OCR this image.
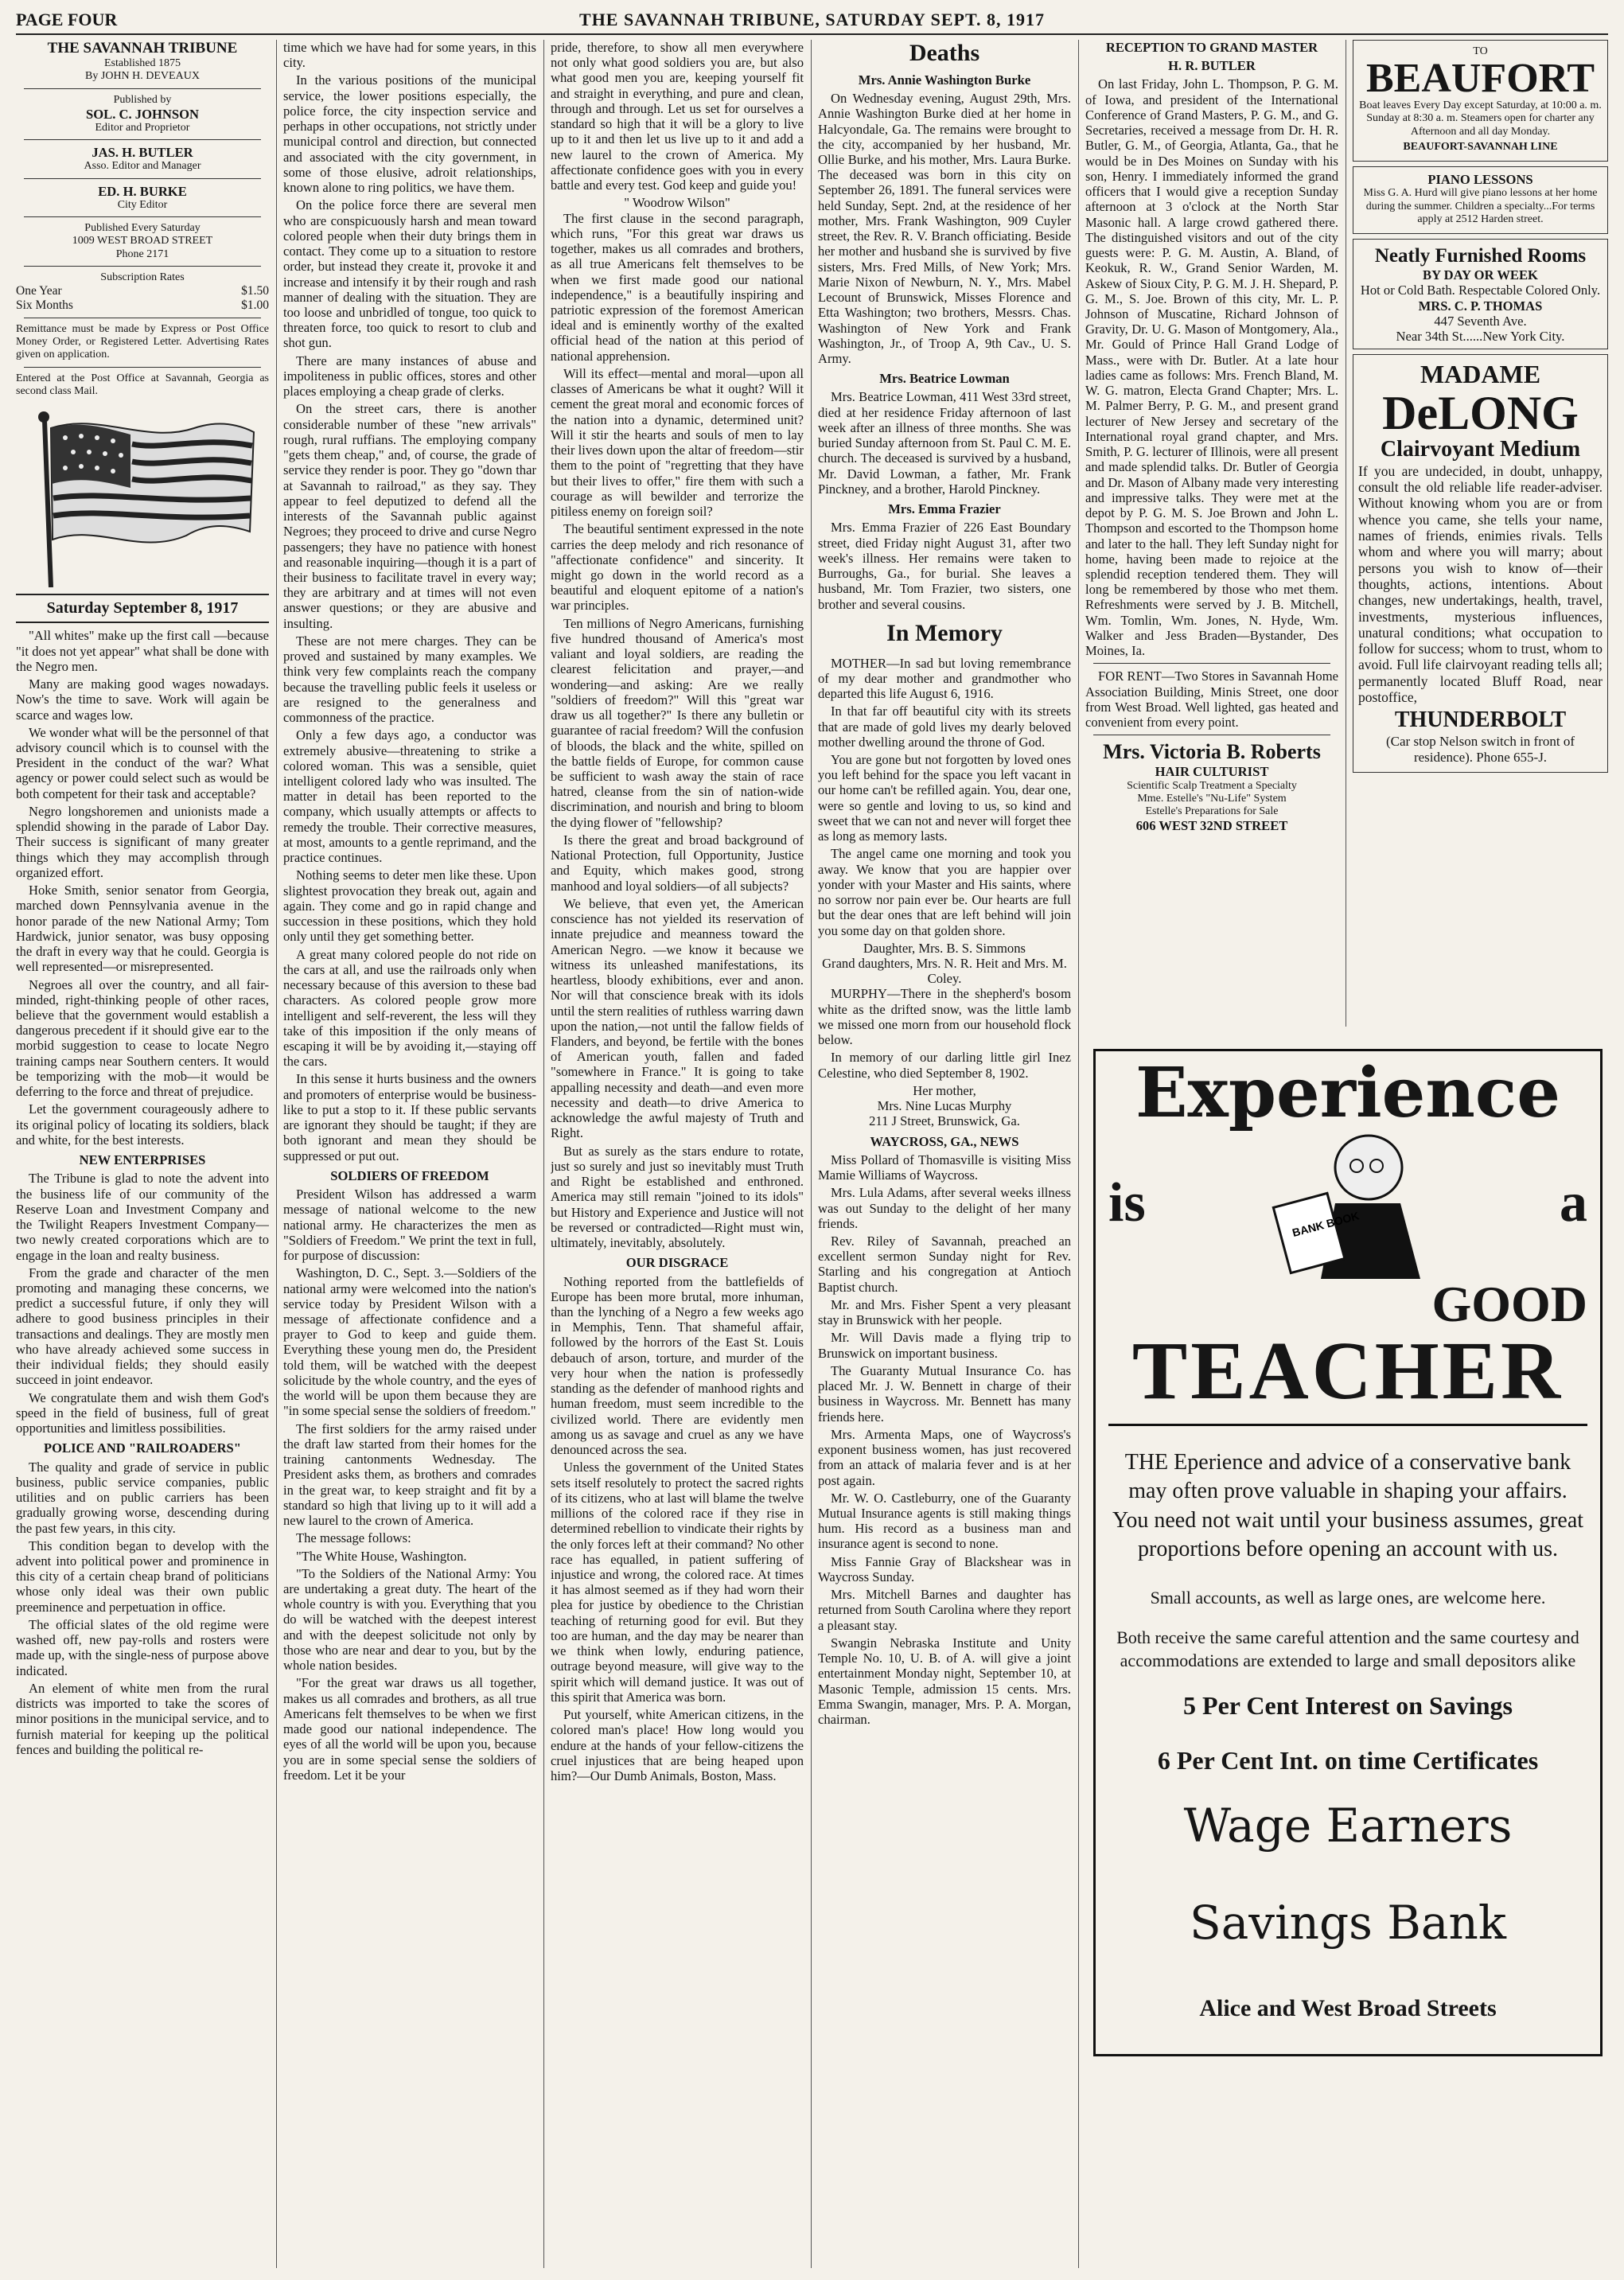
THE SAVANNAH TRIBUNE, SATURDAY SEPT. 8, 1917
PAGE FOUR
THE SAVANNAH TRIBUNE
Established 1875
By JOHN H. DEVEAUX
Published by
SOL. C. JOHNSON
Editor and Proprietor
JAS. H. BUTLER
Asso. Editor and Manager
ED. H. BURKE
City Editor
Published Every Saturday
1009 WEST BROAD STREET
Phone 2171
Subscription Rates
One Year	$1.50
Six Months	$1.00

Remittance must be made by Express or Post Office Money Order, or Registered Letter. Advertising Rates given on application.

Entered at the Post Office at Savannah, Georgia as second class Mail.

Saturday September 8, 1917

"All whites" make up the first call —because "it does not yet appear" what shall be done with the Negro men.

Many are making good wages nowadays. Now's the time to save. Work will again be scarce and wages low.

We wonder what will be the personnel of that advisory council which is to counsel with the President in the conduct of the war? What agency or power could select such as would be both competent for their task and acceptable?

Negro longshoremen and unionists made a splendid showing in the parade of Labor Day. Their success is significant of many greater things which they may accomplish through organized effort.

Hoke Smith, senior senator from Georgia, marched down Pennsylvania avenue in the honor parade of the new National Army; Tom Hardwick, junior senator, was busy opposing the draft in every way that he could. Georgia is well represented—or misrepresented.

Negroes all over the country, and all fair-minded, right-thinking people of other races, believe that the government would establish a dangerous precedent if it should give ear to the morbid suggestion to cease to locate Negro training camps near Southern centers. It would be temporizing with the mob—it would be deferring to the force and threat of prejudice.

Let the government courageously adhere to its original policy of locating its soldiers, black and white, for the best interests.

NEW ENTERPRISES

The Tribune is glad to note the advent into the business life of our community of the Reserve Loan and Investment Company and the Twilight Reapers Investment Company—two newly created corporations which are to engage in the loan and realty business.

From the grade and character of the men promoting and managing these concerns, we predict a successful future, if only they will adhere to good business principles in their transactions and dealings. They are mostly men who have already achieved some success in their individual fields; they should easily succeed in joint endeavor.

We congratulate them and wish them God's speed in the field of business, full of great opportunities and limitless possibilities.

POLICE AND "RAILROADERS"

The quality and grade of service in public business, public service companies, public utilities and on public carriers has been gradually growing worse, descending during the past few years, in this city.

This condition began to develop with the advent into political power and prominence in this city of a certain cheap brand of politicians whose only ideal was their own public preeminence and perpetuation in office.

The official slates of the old regime were washed off, new pay-rolls and rosters were made up, with the single-ness of purpose above indicated.

An element of white men from the rural districts was imported to take the scores of minor positions in the municipal service, and to furnish material for keeping up the political fences and building the political re-

time which we have had for some years, in this city.

In the various positions of the municipal service, the lower positions especially, the police force, the city inspection service and perhaps in other occupations, not strictly under municipal control and direction, but connected and associated with the city government, in some of those elusive, adroit relationships, known alone to ring politics, we have them.

On the police force there are several men who are conspicuously harsh and mean toward colored people when their duty brings them in contact. They come up to a situation to restore order, but instead they create it, provoke it and increase and intensify it by their rough and rash manner of dealing with the situation. They are too loose and unbridled of tongue, too quick to threaten force, too quick to resort to club and shot gun.

There are many instances of abuse and impoliteness in public offices, stores and other places employing a cheap grade of clerks.

On the street cars, there is another considerable number of these "new arrivals" rough, rural ruffians. The employing company "gets them cheap," and, of course, the grade of service they render is poor. They go "down thar at Savannah to railroad," as they say. They appear to feel deputized to defend all the interests of the Savannah public against Negroes; they proceed to drive and curse Negro passengers; they have no patience with honest and reasonable inquiring—though it is a part of their business to facilitate travel in every way; they are arbitrary and at times will not even answer questions; or they are abusive and insulting.

These are not mere charges. They can be proved and sustained by many examples. We think very few complaints reach the company because the travelling public feels it useless or are resigned to the generalness and commonness of the practice.

Only a few days ago, a conductor was extremely abusive—threatening to strike a colored woman. This was a sensible, quiet intelligent colored lady who was insulted. The matter in detail has been reported to the company, which usually attempts or affects to remedy the trouble. Their corrective measures, at most, amounts to a gentle reprimand, and the practice continues.

Nothing seems to deter men like these. Upon slightest provocation they break out, again and again. They come and go in rapid change and succession in these positions, which they hold only until they get something better.

A great many colored people do not ride on the cars at all, and use the railroads only when necessary because of this aversion to these bad characters. As colored people grow more intelligent and self-reverent, the less will they take of this imposition if the only means of escaping it will be by avoiding it,—staying off the cars.

In this sense it hurts business and the owners and promoters of enterprise would be business-like to put a stop to it. If these public servants are ignorant they should be taught; if they are both ignorant and mean they should be suppressed or put out.

SOLDIERS OF FREEDOM

President Wilson has addressed a warm message of national welcome to the new national army. He characterizes the men as "Soldiers of Freedom." We print the text in full, for purpose of discussion:

Washington, D. C., Sept. 3.—Soldiers of the national army were welcomed into the nation's service today by President Wilson with a message of affectionate confidence and a prayer to God to keep and guide them. Everything these young men do, the President told them, will be watched with the deepest solicitude by the whole country, and the eyes of the world will be upon them because they are "in some special sense the soldiers of freedom."

The first soldiers for the army raised under the draft law started from their homes for the training cantonments Wednesday. The President asks them, as brothers and comrades in the great war, to keep straight and fit by a standard so high that living up to it will add a new laurel to the crown of America.

The message follows:

"The White House, Washington.

"To the Soldiers of the National Army: You are undertaking a great duty. The heart of the whole country is with you. Everything that you do will be watched with the deepest interest and with the deepest solicitude not only by those who are near and dear to you, but by the whole nation besides.

"For the great war draws us all together, makes us all comrades and brothers, as all true Americans felt themselves to be when we first made good our national independence. The eyes of all the world will be upon you, because you are in some special sense the soldiers of freedom. Let it be your

pride, therefore, to show all men everywhere not only what good soldiers you are, but also what good men you are, keeping yourself fit and straight in everything, and pure and clean, through and through. Let us set for ourselves a standard so high that it will be a glory to live up to it and then let us live up to it and add a new laurel to the crown of America. My affectionate confidence goes with you in every battle and every test. God keep and guide you!

" Woodrow Wilson"

The first clause in the second paragraph, which runs, "For this great war draws us together, makes us all comrades and brothers, as all true Americans felt themselves to be when we first made good our national independence," is a beautifully inspiring and patriotic expression of the foremost American ideal and is eminently worthy of the exalted official head of the nation at this period of national apprehension.

Will its effect—mental and moral—upon all classes of Americans be what it ought? Will it cement the great moral and economic forces of the nation into a dynamic, determined unit? Will it stir the hearts and souls of men to lay their lives down upon the altar of freedom—stir them to the point of "regretting that they have but their lives to offer," fire them with such a courage as will bewilder and terrorize the pitiless enemy on foreign soil?

The beautiful sentiment expressed in the note carries the deep melody and rich resonance of "affectionate confidence" and sincerity. It might go down in the world record as a beautiful and eloquent epitome of a nation's war principles.

Ten millions of Negro Americans, furnishing five hundred thousand of America's most valiant and loyal soldiers, are reading the clearest felicitation and prayer,—and wondering—and asking: Are we really "soldiers of freedom?" Will this "great war draw us all together?" Is there any bulletin or guarantee of racial freedom? Will the confusion of bloods, the black and the white, spilled on the battle fields of Europe, for common cause be sufficient to wash away the stain of race hatred, cleanse from the sin of nation-wide discrimination, and nourish and bring to bloom the dying flower of "fellowship?

Is there the great and broad background of National Protection, full Opportunity, Justice and Equity, which makes good, strong manhood and loyal soldiers—of all subjects?

We believe, that even yet, the American conscience has not yielded its reservation of innate prejudice and meanness toward the American Negro. —we know it because we witness its unleashed manifestations, its heartless, bloody exhibitions, ever and anon. Nor will that conscience break with its idols until the stern realities of ruthless warring dawn upon the nation,—not until the fallow fields of Flanders, and beyond, be fertile with the bones of American youth, fallen and faded "somewhere in France." It is going to take appalling necessity and death—and even more necessity and death—to drive America to acknowledge the awful majesty of Truth and Right.

But as surely as the stars endure to rotate, just so surely and just so inevitably must Truth and Right be established and enthroned. America may still remain "joined to its idols" but History and Experience and Justice will not be reversed or contradicted—Right must win, ultimately, inevitably, absolutely.

OUR DISGRACE

Nothing reported from the battlefields of Europe has been more brutal, more inhuman, than the lynching of a Negro a few weeks ago in Memphis, Tenn. That shameful affair, followed by the horrors of the East St. Louis debauch of arson, torture, and murder of the very hour when the nation is professedly standing as the defender of manhood rights and human freedom, must seem incredible to the civilized world. There are evidently men among us as savage and cruel as any we have denounced across the sea.

Unless the government of the United States sets itself resolutely to protect the sacred rights of its citizens, who at last will blame the twelve millions of the colored race if they rise in determined rebellion to vindicate their rights by the only forces left at their command? No other race has equalled, in patient suffering of injustice and wrong, the colored race. At times it has almost seemed as if they had worn their plea for justice by obedience to the Christian teaching of returning good for evil. But they too are human, and the day may be nearer than we think when lowly, enduring patience, outrage beyond measure, will give way to the spirit which will demand justice. It was out of this spirit that America was born.

Put yourself, white American citizens, in the colored man's place! How long would you endure at the hands of your fellow-citizens the cruel injustices that are being heaped upon him?—Our Dumb Animals, Boston, Mass.

Deaths
Mrs. Annie Washington Burke

On Wednesday evening, August 29th, Mrs. Annie Washington Burke died at her home in Halcyondale, Ga. The remains were brought to the city, accompanied by her husband, Mr. Ollie Burke, and his mother, Mrs. Laura Burke. The deceased was born in this city on September 26, 1891. The funeral services were held Sunday, Sept. 2nd, at the residence of her mother, Mrs. Frank Washington, 909 Cuyler street, the Rev. R. V. Branch officiating. Beside her mother and husband she is survived by five sisters, Mrs. Fred Mills, of New York; Mrs. Marie Nixon of Newburn, N. Y., Mrs. Mabel Lecount of Brunswick, Misses Florence and Etta Washington; two brothers, Messrs. Chas. Washington of New York and Frank Washington, Jr., of Troop A, 9th Cav., U. S. Army.

Mrs. Beatrice Lowman

Mrs. Beatrice Lowman, 411 West 33rd street, died at her residence Friday afternoon of last week after an illness of three months. She was buried Sunday afternoon from St. Paul C. M. E. church. The deceased is survived by a husband, Mr. David Lowman, a father, Mr. Frank Pinckney, and a brother, Harold Pinckney.

Mrs. Emma Frazier

Mrs. Emma Frazier of 226 East Boundary street, died Friday night August 31, after two week's illness. Her remains were taken to Burroughs, Ga., for burial. She leaves a husband, Mr. Tom Frazier, two sisters, one brother and several cousins.

In Memory

MOTHER—In sad but loving remembrance of my dear mother and grandmother who departed this life August 6, 1916.

In that far off beautiful city with its streets that are made of gold lives my dearly beloved mother dwelling around the throne of God.

You are gone but not forgotten by loved ones you left behind for the space you left vacant in our home can't be refilled again. You, dear one, were so gentle and loving to us, so kind and sweet that we can not and never will forget thee as long as memory lasts.

The angel came one morning and took you away. We know that you are happier over yonder with your Master and His saints, where no sorrow nor pain ever be. Our hearts are full but the dear ones that are left behind will join you some day on that golden shore.

Daughter, Mrs. B. S. Simmons
Grand daughters, Mrs. N. R. Heit and Mrs. M. Coley.

MURPHY—There in the shepherd's bosom white as the drifted snow, was the little lamb we missed one morn from our household flock below.

In memory of our darling little girl Inez Celestine, who died September 8, 1902.

Her mother,
Mrs. Nine Lucas Murphy
211 J Street, Brunswick, Ga.
WAYCROSS, GA., NEWS

Miss Pollard of Thomasville is visiting Miss Mamie Williams of Waycross.

Mrs. Lula Adams, after several weeks illness was out Sunday to the delight of her many friends.

Rev. Riley of Savannah, preached an excellent sermon Sunday night for Rev. Starling and his congregation at Antioch Baptist church.

Mr. and Mrs. Fisher Spent a very pleasant stay in Brunswick with her people.

Mr. Will Davis made a flying trip to Brunswick on important business.

The Guaranty Mutual Insurance Co. has placed Mr. J. W. Bennett in charge of their business in Waycross. Mr. Bennett has many friends here.

Mrs. Armenta Maps, one of Waycross's exponent business women, has just recovered from an attack of malaria fever and is at her post again.

Mr. W. O. Castleburry, one of the Guaranty Mutual Insurance agents is still making things hum. His record as a business man and insurance agent is second to none.

Miss Fannie Gray of Blackshear was in Waycross Sunday.

Mrs. Mitchell Barnes and daughter has returned from South Carolina where they report a pleasant stay.

Swangin Nebraska Institute and Unity Temple No. 10, U. B. of A. will give a joint entertainment Monday night, September 10, at Masonic Temple, admission 15 cents. Mrs. Emma Swangin, manager, Mrs. P. A. Morgan, chairman.

RECEPTION TO GRAND MASTER
H. R. BUTLER

On last Friday, John L. Thompson, P. G. M. of Iowa, and president of the International Conference of Grand Masters, P. G. M., and G. Secretaries, received a message from Dr. H. R. Butler, G. M., of Georgia, Atlanta, Ga., that he would be in Des Moines on Sunday with his son, Henry. I immediately informed the grand officers that I would give a reception Sunday afternoon at 3 o'clock at the North Star Masonic hall. A large crowd gathered there. The distinguished visitors and out of the city guests were: P. G. M. Austin, A. Bland, of Keokuk, R. W., Grand Senior Warden, M. Askew of Sioux City, P. G. M. J. H. Shepard, P. G. M., S. Joe. Brown of this city, Mr. L. P. Johnson of Muscatine, Richard Johnson of Gravity, Dr. U. G. Mason of Montgomery, Ala., Mr. Gould of Prince Hall Grand Lodge of Mass., were with Dr. Butler. At a late hour ladies came as follows: Mrs. French Bland, M. W. G. matron, Electa Grand Chapter; Mrs. L. M. Palmer Berry, P. G. M., and present grand lecturer of New Jersey and secretary of the International royal grand chapter, and Mrs. Smith, P. G. lecturer of Illinois, were all present and made splendid talks. Dr. Butler of Georgia and Dr. Mason of Albany made very interesting and impressive talks. They were met at the depot by P. G. M. S. Joe Brown and John L. Thompson and escorted to the Thompson home and later to the hall. They left Sunday night for home, having been made to rejoice at the splendid reception tendered them. They will long be remembered by those who met them. Refreshments were served by J. B. Mitchell, Wm. Tomlin, Wm. Jones, N. Hyde, Wm. Walker and Jess Braden—Bystander, Des Moines, Ia.

FOR RENT—Two Stores in Savannah Home Association Building, Minis Street, one door from West Broad. Well lighted, gas heated and convenient from every point.

Mrs. Victoria B. Roberts
HAIR CULTURIST
Scientific Scalp Treatment a Specialty
Mme. Estelle's "Nu-Life" System
Estelle's Preparations for Sale
606 WEST 32ND STREET
TO
BEAUFORT

Boat leaves Every Day except Saturday, at 10:00 a. m. Sunday at 8:30 a. m. Steamers open for charter any Afternoon and all day Monday.

BEAUFORT-SAVANNAH LINE

PIANO LESSONS

Miss G. A. Hurd will give piano lessons at her home during the summer. Children a specialty...For terms apply at 2512 Harden street.

Neatly Furnished Rooms
BY DAY OR WEEK
Hot or Cold Bath. Respectable Colored Only.
MRS. C. P. THOMAS
447 Seventh Ave.
Near 34th St......New York City.
MADAME
DeLONG
Clairvoyant Medium

If you are undecided, in doubt, unhappy, consult the old reliable life reader-adviser. Without knowing whom you are or from whence you came, she tells your name, names of friends, enimies rivals. Tells whom and where you will marry; about persons you wish to know of—their thoughts, actions, intentions. About changes, new undertakings, health, travel, investments, mysterious influences, unatural conditions; what occupation to follow for success; whom to trust, whom to avoid. Full life clairvoyant reading tells all; permanently located Bluff Road, near postoffice,

THUNDERBOLT

(Car stop Nelson switch in front of residence). Phone 655-J.

Experience
is	BANK BOOK	a
GOOD
TEACHER

THE Eperience and advice of a conservative bank may often prove valuable in shaping your affairs. You need not wait until your business assumes, great proportions before opening an account with us.

Small accounts, as well as large ones, are welcome here.

Both receive the same careful attention and the same courtesy and accommodations are extended to large and small depositors alike

5 Per Cent Interest on Savings

6 Per Cent Int. on time Certificates

Wage Earners

Savings Bank

Alice and West Broad Streets
